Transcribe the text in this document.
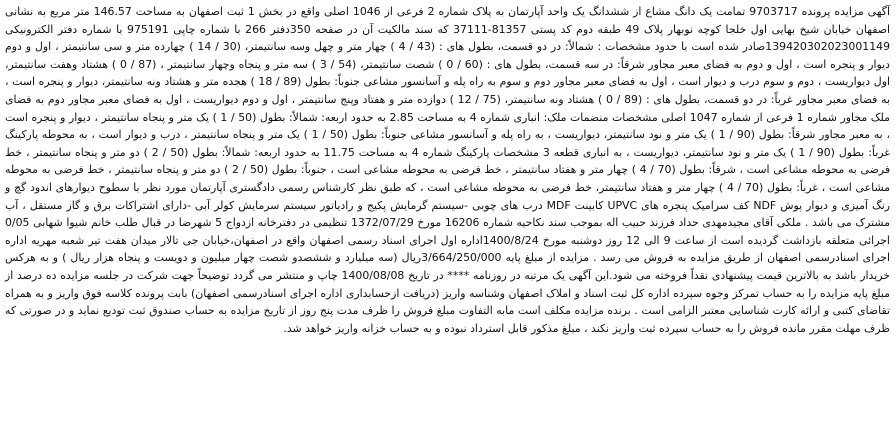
آگهی مزایده پرونده 9703717 تمامت یک دانگ مشاع از ششدانگ یک واحد آپارتمان به پلاک شماره 2 فرعی از 1046 اصلی واقع در بخش 1 ثبت اصفهان به مساحت 146.57 متر مربع به نشانی اصفهان خیابان شیخ بهایی اول خلجا کوچه نوبهار پلاک 49 طبقه دوم کد پستی 81357-37111 که سند مالکیت آن در صفحه 350دفتر 266 با شماره چاپی 975191 با شماره دفتر الکترونیکی 139420302023001149صادر شده است با حدود مشخصات : شمالاً: در دو قسمت، بطول های : (43 / 4 ) چهار متر و چهل وسه سانتیمتر، (30 / 14 ) چهارده متر و سی سانتیمتر ، اول و دوم دیوار و پنجره است ، اول و دوم به فضای معبر مجاور شرقاً: در سه قسمت، بطول های : (60 / 0 ) شصت سانتیمتر، (54 / 3 ) سه متر و پنجاه وچهار سانتیمتر ، (87 / 0 ) هشتاد وهفت سانتیمتر، اول دیواریست ، دوم و سوم درب و دیوار است ، اول به فضای معبر مجاور دوم و سوم به راه پله و آسانسور مشاعی جنوباً: بطول (89 / 18 ) هجده متر و هشتاد ونه سانتیمتر، دیوار و پنجره است ، به فضای معبر مجاور غرباً: در دو قسمت، بطول های : (89 / 0 ) هشتاد ونه سانتیمتر، (75 / 12 ) دوازده متر و هفتاد وپنج سانتیمتر ، اول و دوم دیواریست ، اول به فضای معبر مجاور دوم به فضای ملک مجاور شماره 1 فرعی از شماره 1047 اصلی مشخصات منضمات ملک: انباری شماره 4 به مساحت 2.85 به حدود اربعه: شمالاً: بطول (50 / 1 ) یک متر و پنجاه سانتیمتر ، دیوار و پنجره است ، به معبر مجاور شرقاً: بطول (90 / 1 ) یک متر و نود سانتیمتر، دیواریست ، به راه پله و آسانسور مشاعی جنوباً: بطول (50 / 1 ) یک متر و پنجاه سانتیمتر ، درب و دیوار است ، به محوطه پارکینگ غرباً: بطول (90 / 1 ) یک متر و نود سانتیمتر، دیواریست ، به انباری قطعه 3 مشخصات پارکینگ شماره 4 به مساحت 11.75 به حدود اربعه: شمالاً: بطول (50 / 2 ) دو متر و پنجاه سانتیمتر ، خط فرضی به محوطه مشاعی است ، شرقاً: بطول (70 / 4 ) چهار متر و هفتاد سانتیمتر ، خط فرضی به محوطه مشاعی است ، جنوباً: بطول (50 / 2 ) دو متر و پنجاه سانتیمتر ، خط فرضی به محوطه مشاعی است ، غرباً: بطول (70 / 4 ) چهار متر و هفتاد سانتیمتر، خط فرضی به محوطه مشاعی است ، که طبق نظر کارشناس رسمی دادگستری آپارتمان مورد نظر با سطوح دیوارهای اندود گچ و رنگ آمیزی و دیوار پوش NDF کف سرامیک پنجره های UPVC کابینت MDF درب های چوبی -سیستم گرمایش پکیج و رادیاتور سیستم سرمایش کولر آبی -دارای اشتراکات برق و گاز مستقل ، آب مشترک می باشد . ملکی آقای مجیدمهدی حداد فرزند حبیب اله بموجب سند نکاحیه شماره 16206 مورخ 1372/07/29 تنظیمی در دفترخانه ازدواج 5 شهرضا در قبال طلب خانم شیوا شهابی 0/05 اجرائی متعلقه بازداشت گردیده است از ساعت 9 الی 12 روز دوشنبه مورخ 1400/8/24اداره اول اجرای اسناد رسمی اصفهان واقع در اصفهان،خیابان جی تالار میدان هفت تیر شعبه مهریه اداره اجرای اسنادرسمی اصفهان از طریق مزایده به فروش می رسد . مزایده از مبلغ پایه 3/664/250/000ریال (سه میلیارد و ششصدو شصت چهار میلیون و دویست و پنجاه هزار ریال ) و به هرکس خریدار باشد به بالاترین قیمت پیشنهادی نقداً فروخته می شود.این آگهی یک مرتبه در روزنامه **** در تاریخ 1400/08/08 چاپ و منتشر می گردد توضیحاً جهت شرکت در جلسه مزایده ده درصد از مبلغ پایه مزایده را به حساب تمرکز وجوه سپرده اداره کل ثبت اسناد و املاک اصفهان وشناسه واریز (دریافت ازحسابداری اداره اجرای اسنادرسمی اصفهان) بابت پرونده کلاسه فوق واریز و به همراه تقاضای کتبی و ارائه کارت شناسایی معتبر الزامی است . برنده مزایده مکلف است مابه التفاوت مبلغ فروش را ظرف مدت پنج روز از تاریخ مزایده به حساب صندوق ثبت تودیع نماید و در صورتی که ظرف مهلت مقرر مانده فروش را به حساب سپرده ثبت واریز نکند ، مبلغ مذکور قابل استرداد نبوده و به حساب خزانه واریز خواهد شد.
